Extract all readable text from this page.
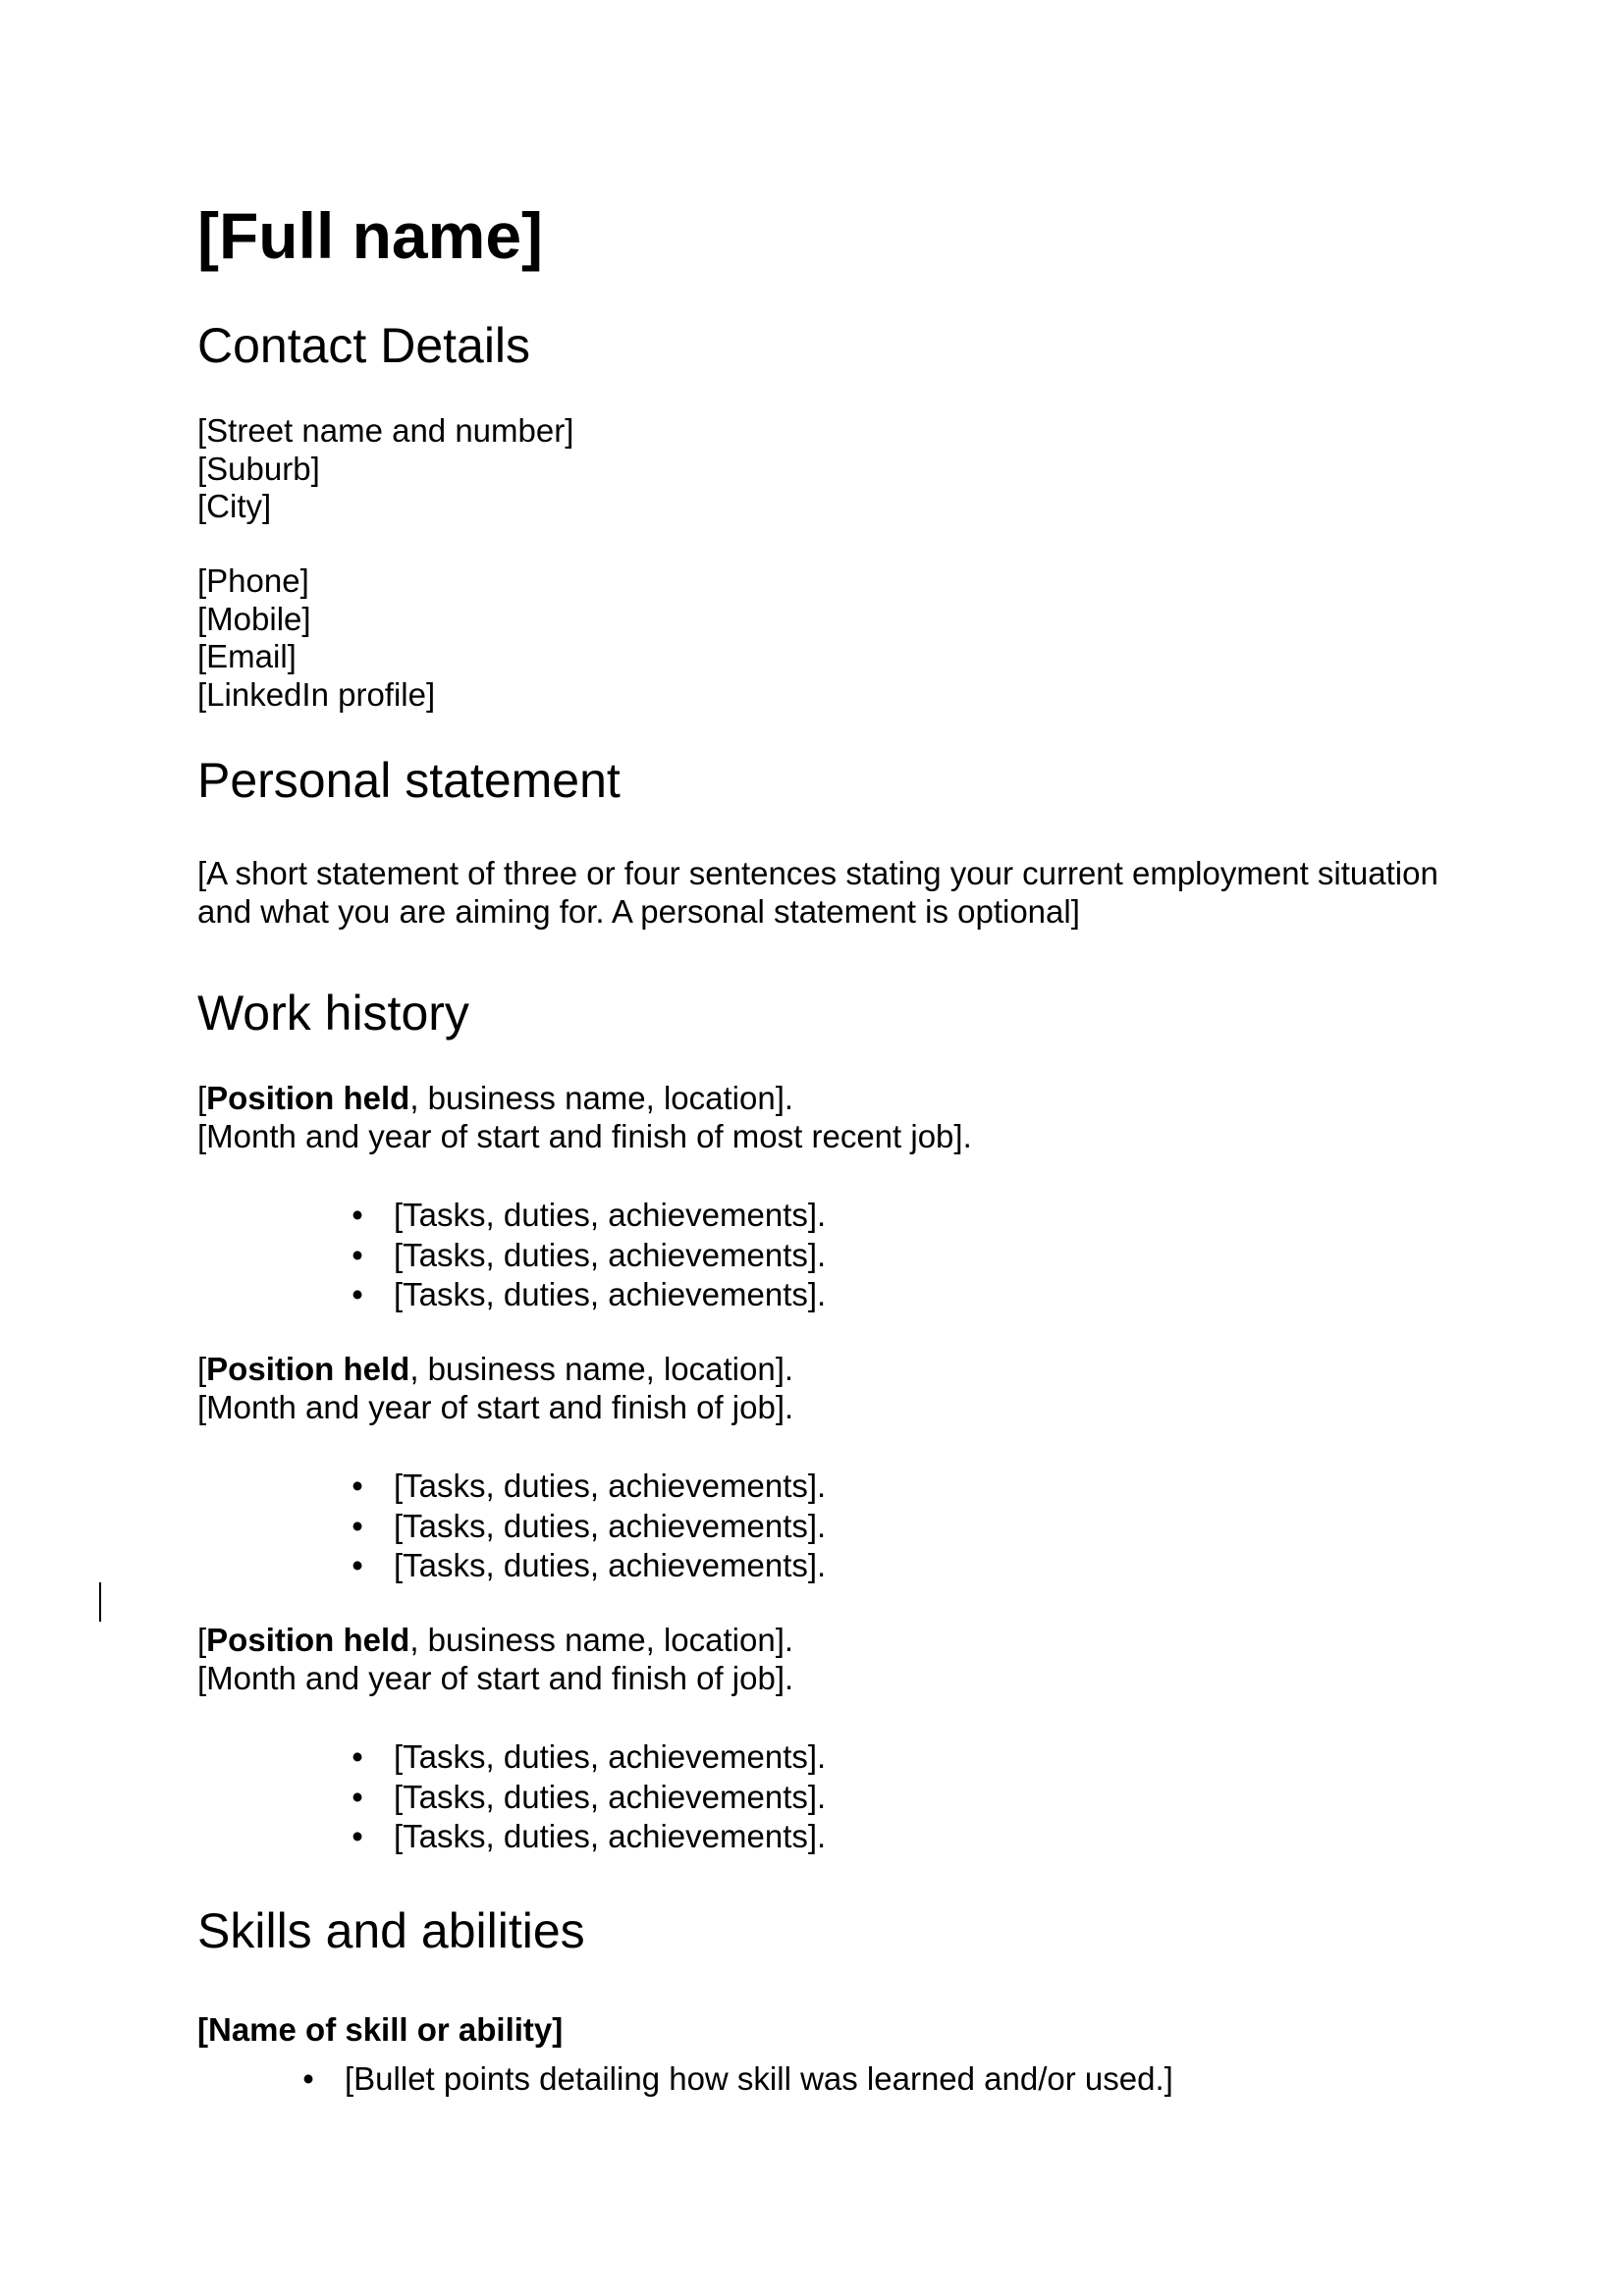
[Full name]
Contact Details
[Street name and number]
[Suburb]
[City]
[Phone]
[Mobile]
[Email]
[LinkedIn profile]
Personal statement
[A short statement of three or four sentences stating your current employment situation
and what you are aiming for. A personal statement is optional]
Work history
[Position held, business name, location].
[Month and year of start and finish of most recent job].
• [Tasks, duties, achievements].
• [Tasks, duties, achievements].
• [Tasks, duties, achievements].
[Position held, business name, location].
[Month and year of start and finish of job].
• [Tasks, duties, achievements].
• [Tasks, duties, achievements].
• [Tasks, duties, achievements].
[Position held, business name, location].
[Month and year of start and finish of job].
• [Tasks, duties, achievements].
• [Tasks, duties, achievements].
• [Tasks, duties, achievements].
Skills and abilities
[Name of skill or ability]
• [Bullet points detailing how skill was learned and/or used.]
